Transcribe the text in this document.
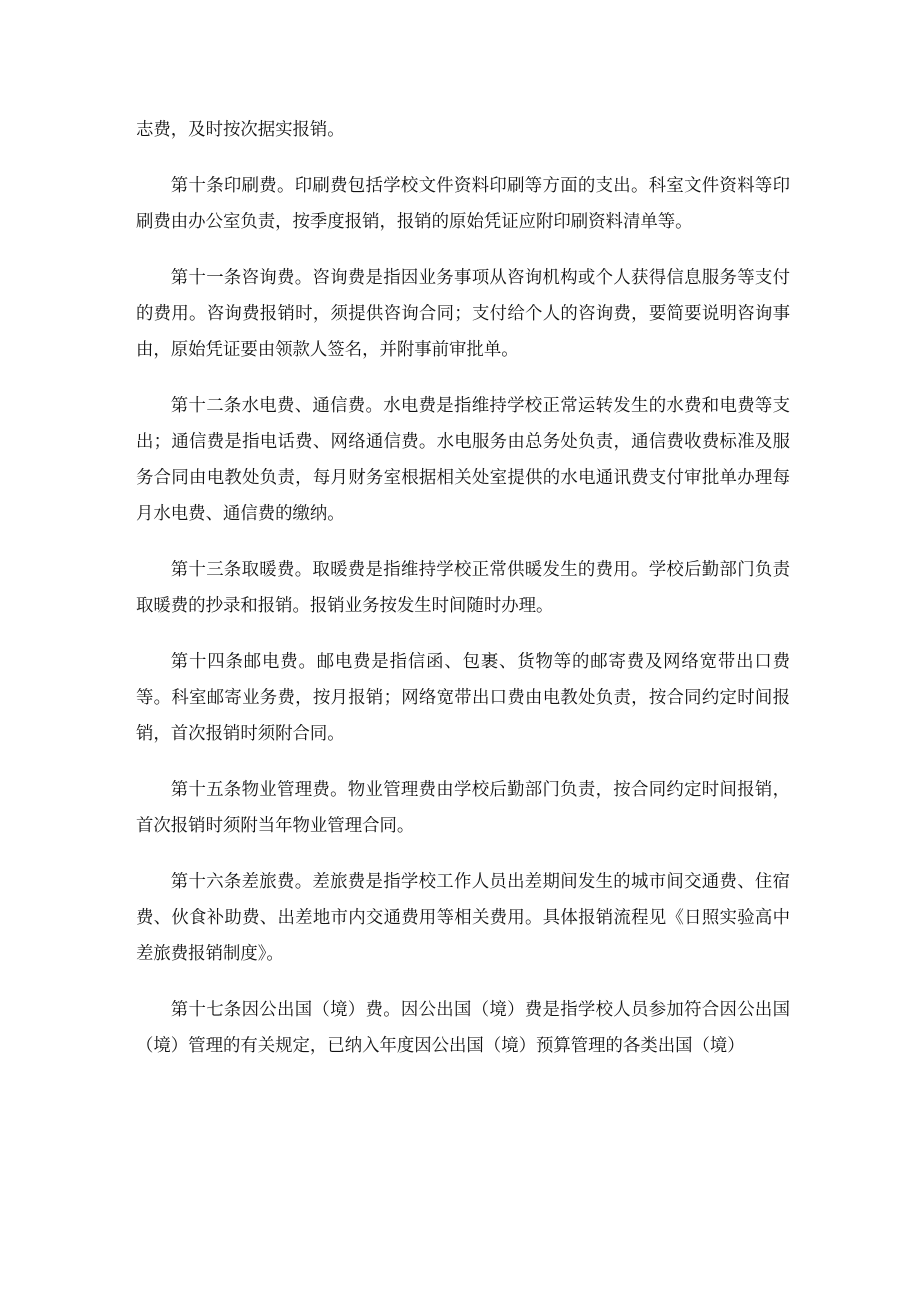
志费，及时按次据实报销。

第十条印刷费。印刷费包括学校文件资料印刷等方面的支出。科室文件资料等印刷费由办公室负责，按季度报销，报销的原始凭证应附印刷资料清单等。

第十一条咨询费。咨询费是指因业务事项从咨询机构或个人获得信息服务等支付的费用。咨询费报销时，须提供咨询合同；支付给个人的咨询费，要简要说明咨询事由，原始凭证要由领款人签名，并附事前审批单。

第十二条水电费、通信费。水电费是指维持学校正常运转发生的水费和电费等支出；通信费是指电话费、网络通信费。水电服务由总务处负责，通信费收费标准及服务合同由电教处负责，每月财务室根据相关处室提供的水电通讯费支付审批单办理每月水电费、通信费的缴纳。

第十三条取暖费。取暖费是指维持学校正常供暖发生的费用。学校后勤部门负责取暖费的抄录和报销。报销业务按发生时间随时办理。

第十四条邮电费。邮电费是指信函、包裹、货物等的邮寄费及网络宽带出口费等。科室邮寄业务费，按月报销；网络宽带出口费由电教处负责，按合同约定时间报销，首次报销时须附合同。

第十五条物业管理费。物业管理费由学校后勤部门负责，按合同约定时间报销，首次报销时须附当年物业管理合同。

第十六条差旅费。差旅费是指学校工作人员出差期间发生的城市间交通费、住宿费、伙食补助费、出差地市内交通费用等相关费用。具体报销流程见《日照实验高中差旅费报销制度》。

第十七条因公出国（境）费。因公出国（境）费是指学校人员参加符合因公出国（境）管理的有关规定，已纳入年度因公出国（境）预算管理的各类出国（境）
